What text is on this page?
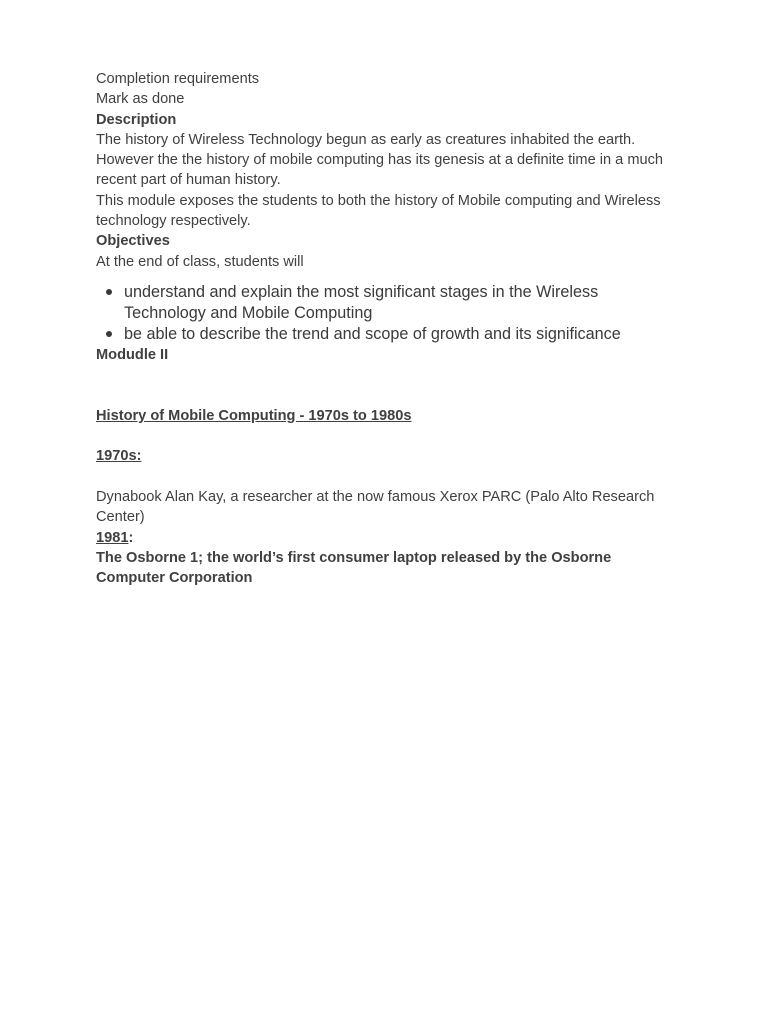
Completion requirements

Mark as done

Description

The history of Wireless Technology begun as early as creatures inhabited the earth. However the the history of mobile computing has its genesis at a definite time in a much recent part of human history.

This module exposes the students to both the history of Mobile computing and Wireless technology respectively.

Objectives

At the end of class, students will

understand and explain the most significant stages in the Wireless Technology and Mobile Computing
be able to describe the trend and scope of growth and its significance

Modudle II

History of Mobile Computing - 1970s to 1980s

1970s:

Dynabook Alan Kay, a researcher at the now famous Xerox PARC (Palo Alto Research Center)

1981:

The Osborne 1; the world’s first consumer laptop released by the Osborne Computer Corporation
